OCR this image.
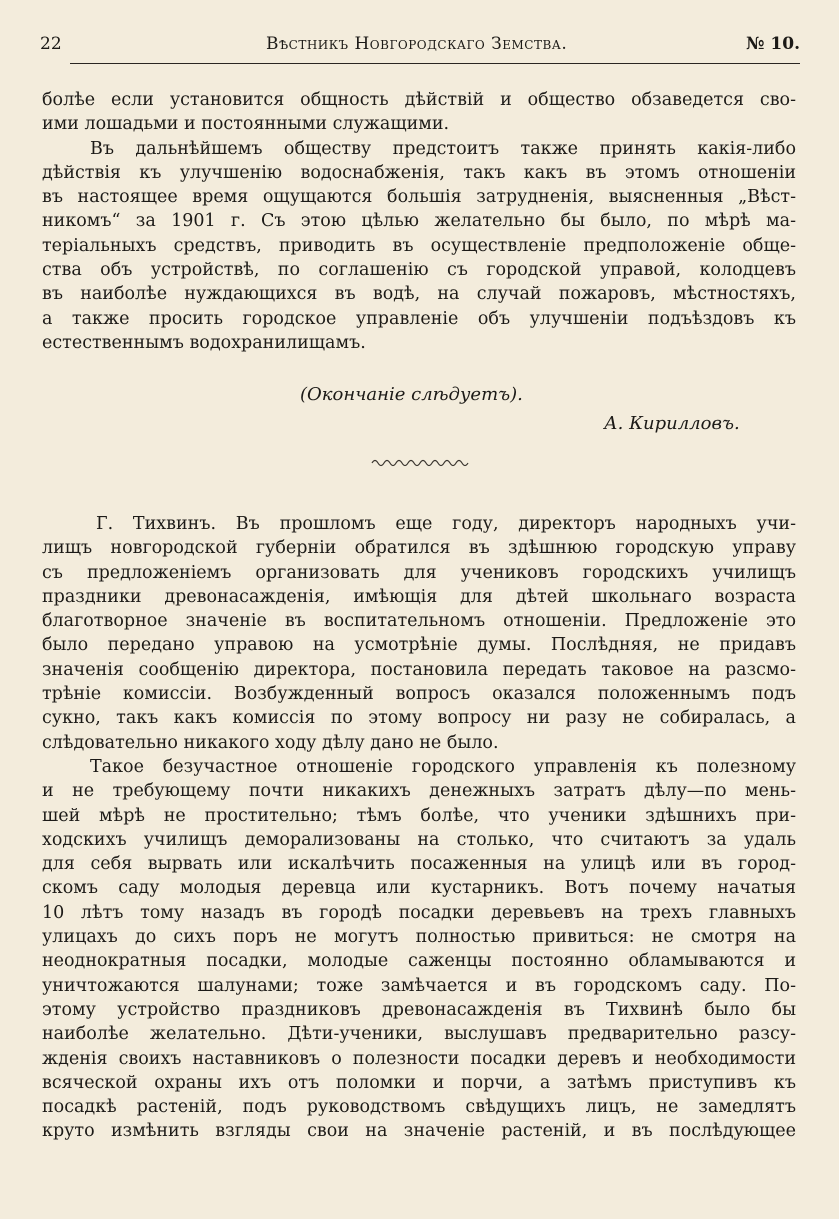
22	Вѣстникъ Новгородскаго Земства.	№ 10.
болѣе если установится общность дѣйствій и общество обзаведется сво-
ими лошадьми и постоянными служащими.
Въ дальнѣйшемъ обществу предстоитъ также принять какія-либо
дѣйствія къ улучшенію водоснабженія, такъ какъ въ этомъ отношеніи
въ настоящее время ощущаются большія затрудненія, выясненныя „Вѣст-
никомъ“ за 1901 г. Съ этою цѣлью желательно бы было, по мѣрѣ ма-
теріальныхъ средствъ, приводить въ осуществленіе предположеніе обще-
ства объ устройствѣ, по соглашенію съ городской управой, колодцевъ
въ наиболѣе нуждающихся въ водѣ, на случай пожаровъ, мѣстностяхъ,
а также просить городское управленіе объ улучшеніи подъѣздовъ къ
естественнымъ водохранилищамъ.
(Окончаніе слѣдуетъ).
А. Кирилловъ.
Г. Тихвинъ. Въ прошломъ еще году, директоръ народныхъ учи-
лищъ новгородской губерніи обратился въ здѣшнюю городскую управу
съ предложеніемъ организовать для учениковъ городскихъ училищъ
праздники древонасажденія, имѣющія для дѣтей школьнаго возраста
благотворное значеніе въ воспитательномъ отношеніи. Предложеніе это
было передано управою на усмотрѣніе думы. Послѣдняя, не придавъ
значенія сообщенію директора, постановила передать таковое на разсмо-
трѣніе комиссіи. Возбужденный вопросъ оказался положеннымъ подъ
сукно, такъ какъ комиссія по этому вопросу ни разу не собиралась, а
слѣдовательно никакого ходу дѣлу дано не было.
Такое безучастное отношеніе городского управленія къ полезному
и не требующему почти никакихъ денежныхъ затратъ дѣлу—по мень-
шей мѣрѣ не простительно; тѣмъ болѣе, что ученики здѣшнихъ при-
ходскихъ училищъ деморализованы на столько, что считаютъ за удаль
для себя вырвать или искалѣчить посаженныя на улицѣ или въ город-
скомъ саду молодыя деревца или кустарникъ. Вотъ почему начатыя
10 лѣтъ тому назадъ въ городѣ посадки деревьевъ на трехъ главныхъ
улицахъ до сихъ поръ не могутъ полностью привиться: не смотря на
неоднократныя посадки, молодые саженцы постоянно обламываются и
уничтожаются шалунами; тоже замѣчается и въ городскомъ саду. По-
этому устройство праздниковъ древонасажденія въ Тихвинѣ было бы
наиболѣе желательно. Дѣти-ученики, выслушавъ предварительно разсу-
жденія своихъ наставниковъ о полезности посадки деревъ и необходимости
всяческой охраны ихъ отъ поломки и порчи, а затѣмъ приступивъ къ
посадкѣ растеній, подъ руководствомъ свѣдущихъ лицъ, не замедлятъ
круто измѣнить взгляды свои на значеніе растеній, и въ послѣдующее
